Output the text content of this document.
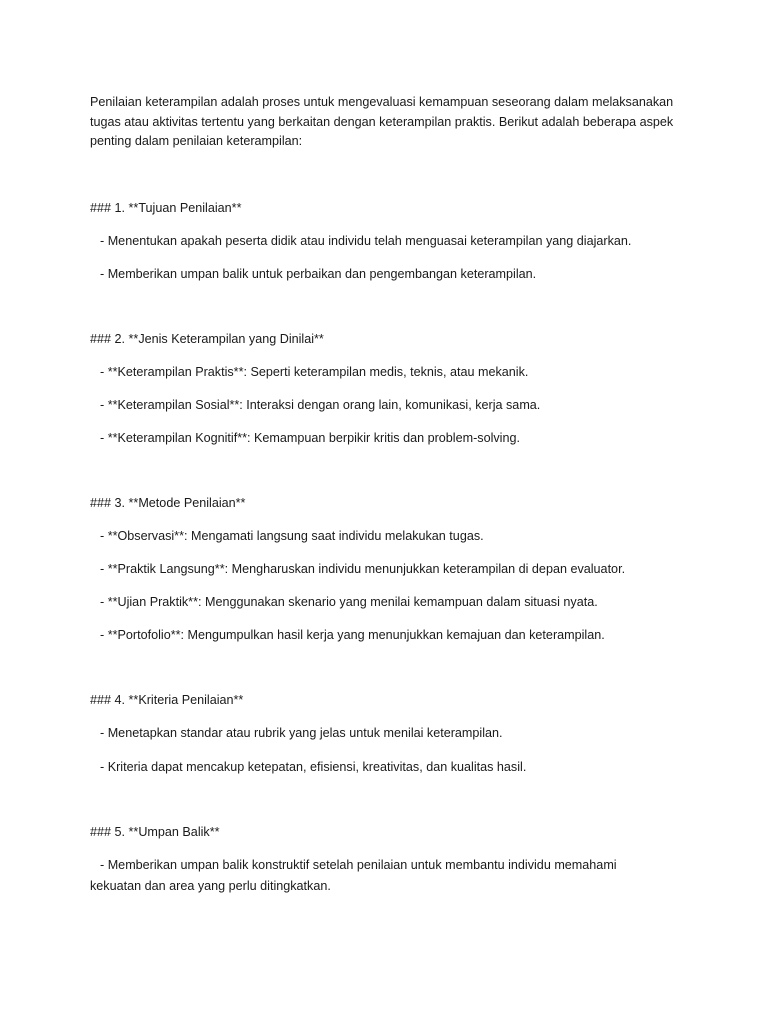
Penilaian keterampilan adalah proses untuk mengevaluasi kemampuan seseorang dalam melaksanakan tugas atau aktivitas tertentu yang berkaitan dengan keterampilan praktis. Berikut adalah beberapa aspek penting dalam penilaian keterampilan:

### 1. **Tujuan Penilaian**

- Menentukan apakah peserta didik atau individu telah menguasai keterampilan yang diajarkan.

- Memberikan umpan balik untuk perbaikan dan pengembangan keterampilan.

### 2. **Jenis Keterampilan yang Dinilai**

- **Keterampilan Praktis**: Seperti keterampilan medis, teknis, atau mekanik.

- **Keterampilan Sosial**: Interaksi dengan orang lain, komunikasi, kerja sama.

- **Keterampilan Kognitif**: Kemampuan berpikir kritis dan problem-solving.

### 3. **Metode Penilaian**

- **Observasi**: Mengamati langsung saat individu melakukan tugas.

- **Praktik Langsung**: Mengharuskan individu menunjukkan keterampilan di depan evaluator.

- **Ujian Praktik**: Menggunakan skenario yang menilai kemampuan dalam situasi nyata.

- **Portofolio**: Mengumpulkan hasil kerja yang menunjukkan kemajuan dan keterampilan.

### 4. **Kriteria Penilaian**

- Menetapkan standar atau rubrik yang jelas untuk menilai keterampilan.

- Kriteria dapat mencakup ketepatan, efisiensi, kreativitas, dan kualitas hasil.

### 5. **Umpan Balik**

- Memberikan umpan balik konstruktif setelah penilaian untuk membantu individu memahami kekuatan dan area yang perlu ditingkatkan.
